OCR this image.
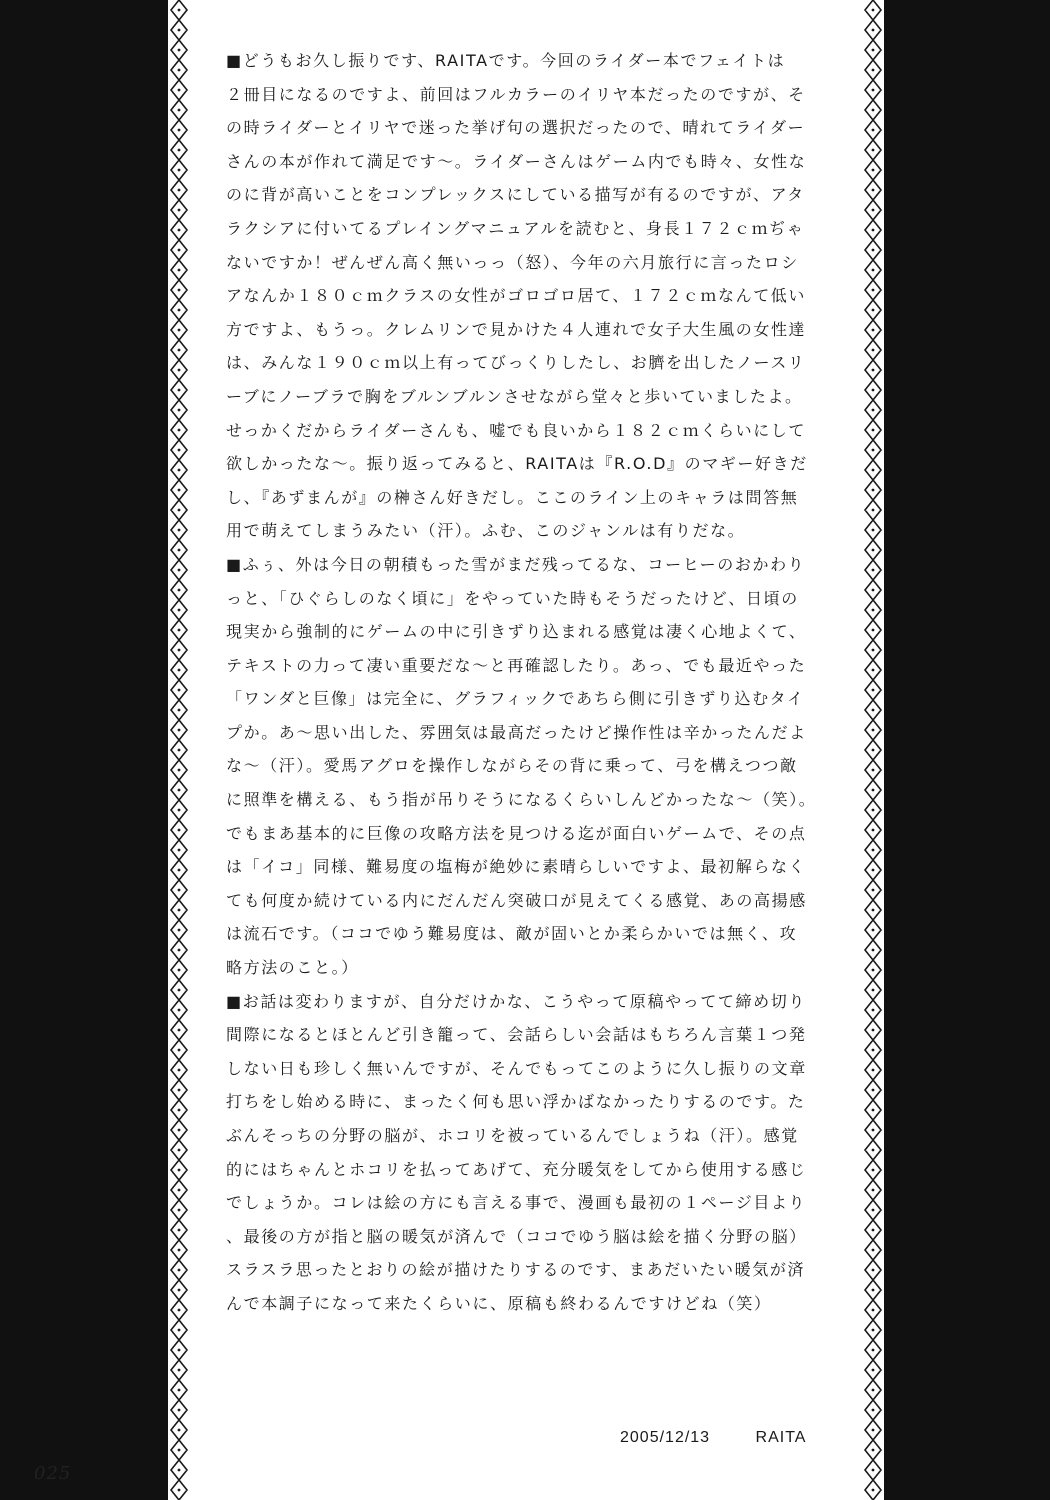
■どうもお久し振りです、RAITAです。今回のライダー本でフェイトは
２冊目になるのですよ、前回はフルカラーのイリヤ本だったのですが、そ
の時ライダーとイリヤで迷った挙げ句の選択だったので、晴れてライダー
さんの本が作れて満足です～。ライダーさんはゲーム内でも時々、女性な
のに背が高いことをコンプレックスにしている描写が有るのですが、アタ
ラクシアに付いてるプレイングマニュアルを読むと、身長１７２ｃｍぢゃ
ないですか！ぜんぜん高く無いっっ（怒）、今年の六月旅行に言ったロシ
アなんか１８０ｃｍクラスの女性がゴロゴロ居て、１７２ｃｍなんて低い
方ですよ、もうっ。クレムリンで見かけた４人連れで女子大生風の女性達
は、みんな１９０ｃｍ以上有ってびっくりしたし、お臍を出したノースリ
ーブにノーブラで胸をブルンブルンさせながら堂々と歩いていましたよ。
せっかくだからライダーさんも、嘘でも良いから１８２ｃｍくらいにして
欲しかったな～。振り返ってみると、RAITAは『R.O.D』のマギー好きだ
し、『あずまんが』の榊さん好きだし。ここのライン上のキャラは問答無
用で萌えてしまうみたい（汗）。ふむ、このジャンルは有りだな。
■ふぅ、外は今日の朝積もった雪がまだ残ってるな、コーヒーのおかわり
っと、「ひぐらしのなく頃に」をやっていた時もそうだったけど、日頃の
現実から強制的にゲームの中に引きずり込まれる感覚は凄く心地よくて、
テキストの力って凄い重要だな～と再確認したり。あっ、でも最近やった
「ワンダと巨像」は完全に、グラフィックであちら側に引きずり込むタイ
プか。あ～思い出した、雰囲気は最高だったけど操作性は辛かったんだよ
な～（汗）。愛馬アグロを操作しながらその背に乗って、弓を構えつつ敵
に照準を構える、もう指が吊りそうになるくらいしんどかったな～（笑）。
でもまあ基本的に巨像の攻略方法を見つける迄が面白いゲームで、その点
は「イコ」同様、難易度の塩梅が絶妙に素晴らしいですよ、最初解らなく
ても何度か続けている内にだんだん突破口が見えてくる感覚、あの高揚感
は流石です。（ココでゆう難易度は、敵が固いとか柔らかいでは無く、攻
略方法のこと。）
■お話は変わりますが、自分だけかな、こうやって原稿やってて締め切り
間際になるとほとんど引き籠って、会話らしい会話はもちろん言葉１つ発
しない日も珍しく無いんですが、そんでもってこのように久し振りの文章
打ちをし始める時に、まったく何も思い浮かばなかったりするのです。た
ぶんそっちの分野の脳が、ホコリを被っているんでしょうね（汗）。感覚
的にはちゃんとホコリを払ってあげて、充分暖気をしてから使用する感じ
でしょうか。コレは絵の方にも言える事で、漫画も最初の１ページ目より
、最後の方が指と脳の暖気が済んで（ココでゆう脳は絵を描く分野の脳）
スラスラ思ったとおりの絵が描けたりするのです、まあだいたい暖気が済
んで本調子になって来たくらいに、原稿も終わるんですけどね（笑）
2005/12/13	RAITA
025
